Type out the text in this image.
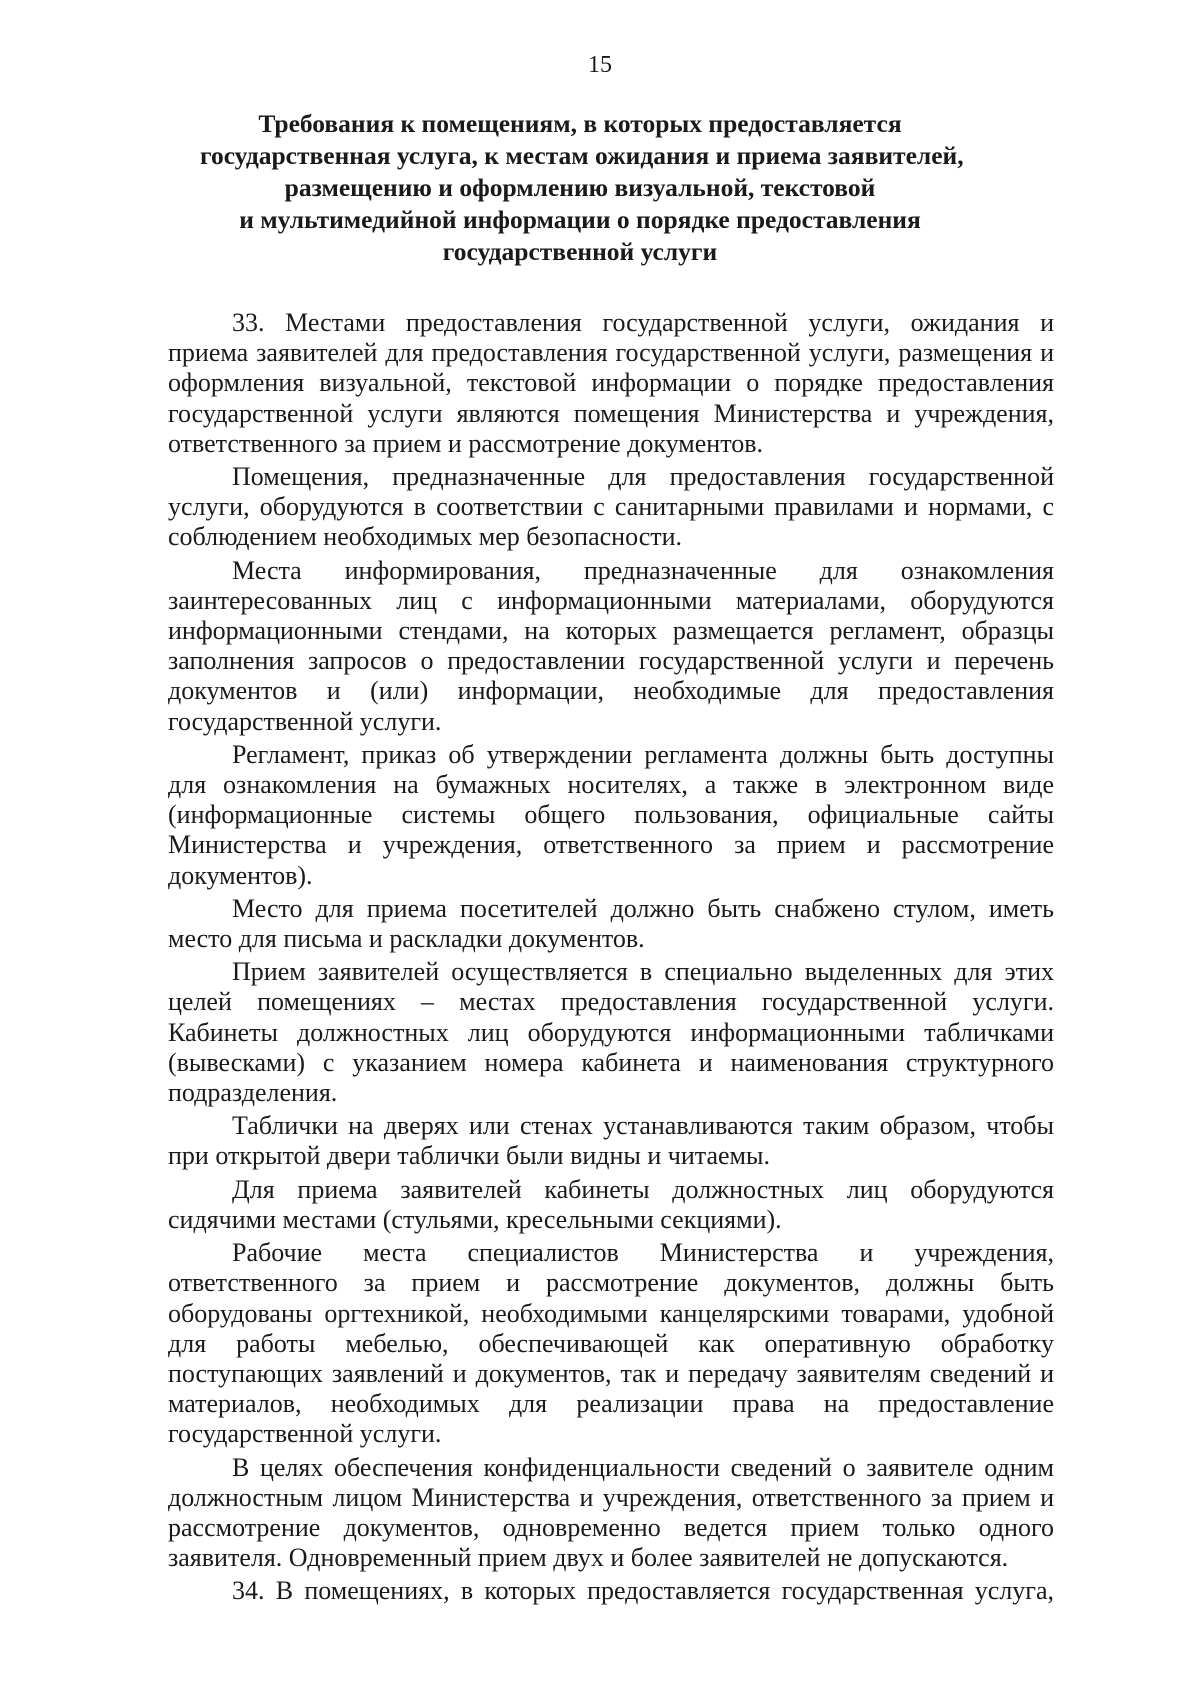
15
Требования к помещениям, в которых предоставляется
государственная услуга, к местам ожидания и приема заявителей,
размещению и оформлению визуальной, текстовой
и мультимедийной информации о порядке предоставления
государственной услуги

33. Местами предоставления государственной услуги, ожидания и приема заявителей для предоставления государственной услуги, размещения и оформления визуальной, текстовой информации о порядке предоставления государственной услуги являются помещения Министерства и учреждения, ответственного за прием и рассмотрение документов.

Помещения, предназначенные для предоставления государственной услуги, оборудуются в соответствии с санитарными правилами и нормами, с соблюдением необходимых мер безопасности.

Места информирования, предназначенные для ознакомления заинтересованных лиц с информационными материалами, оборудуются информационными стендами, на которых размещается регламент, образцы заполнения запросов о предоставлении государственной услуги и перечень документов и (или) информации, необходимые для предоставления государственной услуги.

Регламент, приказ об утверждении регламента должны быть доступны для ознакомления на бумажных носителях, а также в электронном виде (информационные системы общего пользования, официальные сайты Министерства и учреждения, ответственного за прием и рассмотрение документов).

Место для приема посетителей должно быть снабжено стулом, иметь место для письма и раскладки документов.

Прием заявителей осуществляется в специально выделенных для этих целей помещениях – местах предоставления государственной услуги. Кабинеты должностных лиц оборудуются информационными табличками (вывесками) с указанием номера кабинета и наименования структурного подразделения.

Таблички на дверях или стенах устанавливаются таким образом, чтобы при открытой двери таблички были видны и читаемы.

Для приема заявителей кабинеты должностных лиц оборудуются сидячими местами (стульями, кресельными секциями).

Рабочие места специалистов Министерства и учреждения, ответственного за прием и рассмотрение документов, должны быть оборудованы оргтехникой, необходимыми канцелярскими товарами, удобной для работы мебелью, обеспечивающей как оперативную обработку поступающих заявлений и документов, так и передачу заявителям сведений и материалов, необходимых для реализации права на предоставление государственной услуги.

В целях обеспечения конфиденциальности сведений о заявителе одним должностным лицом Министерства и учреждения, ответственного за прием и рассмотрение документов, одновременно ведется прием только одного заявителя. Одновременный прием двух и более заявителей не допускаются.

34. В помещениях, в которых предоставляется государственная услуга,
